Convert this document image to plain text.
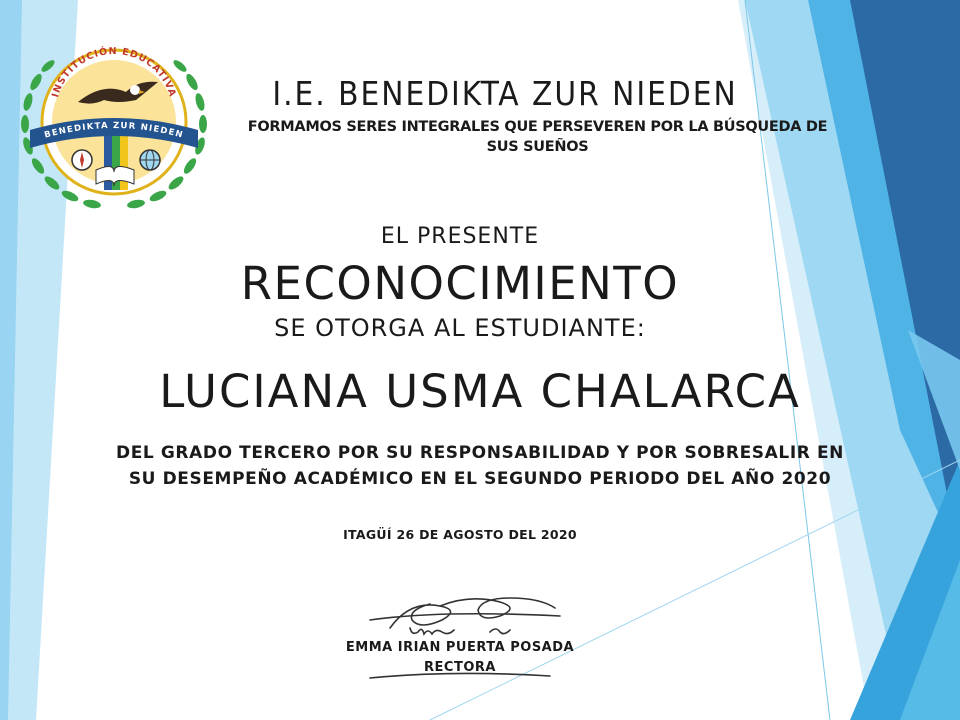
INSTITUCIÓN EDUCATIVA
BENEDIKTA ZUR NIEDEN
I.E. BENEDIKTA ZUR NIEDEN
FORMAMOS SERES INTEGRALES QUE PERSEVEREN POR LA BÚSQUEDA DE SUS SUEÑOS
EL PRESENTE
RECONOCIMIENTO
SE OTORGA AL ESTUDIANTE:
LUCIANA USMA CHALARCA
DEL GRADO TERCERO POR SU RESPONSABILIDAD Y POR SOBRESALIR EN
SU DESEMPEÑO ACADÉMICO EN EL SEGUNDO PERIODO DEL AÑO 2020
ITAGÜÍ 26 DE AGOSTO DEL 2020
EMMA IRIAN PUERTA POSADA
RECTORA
